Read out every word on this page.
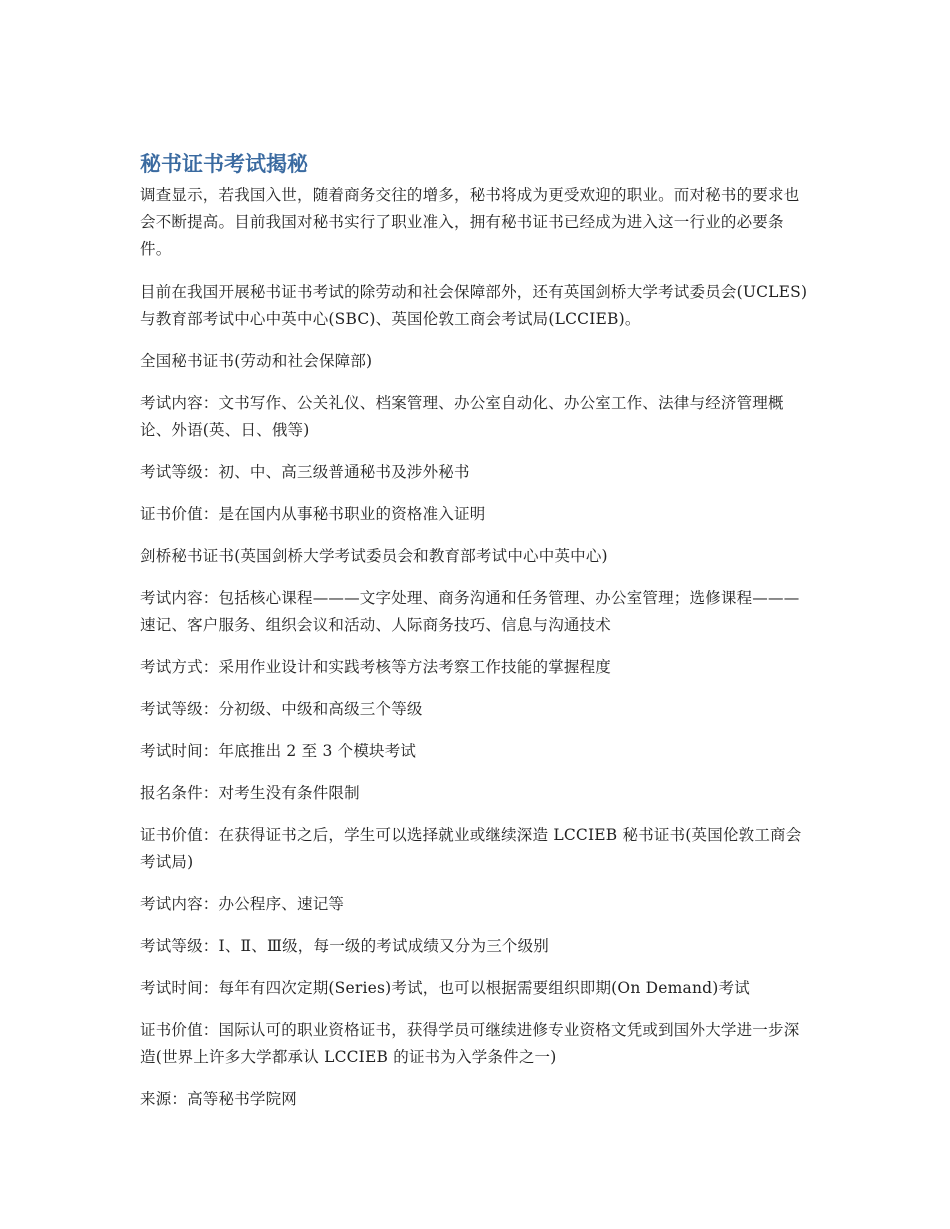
秘书证书考试揭秘

调查显示，若我国入世，随着商务交往的增多，秘书将成为更受欢迎的职业。而对秘书的要求也会不断提高。目前我国对秘书实行了职业准入，拥有秘书证书已经成为进入这一行业的必要条件。

目前在我国开展秘书证书考试的除劳动和社会保障部外，还有英国剑桥大学考试委员会(UCLES)与教育部考试中心中英中心(SBC)、英国伦敦工商会考试局(LCCIEB)。

全国秘书证书(劳动和社会保障部)

考试内容：文书写作、公关礼仪、档案管理、办公室自动化、办公室工作、法律与经济管理概论、外语(英、日、俄等)

考试等级：初、中、高三级普通秘书及涉外秘书

证书价值：是在国内从事秘书职业的资格准入证明

剑桥秘书证书(英国剑桥大学考试委员会和教育部考试中心中英中心)

考试内容：包括核心课程———文字处理、商务沟通和任务管理、办公室管理；选修课程———速记、客户服务、组织会议和活动、人际商务技巧、信息与沟通技术

考试方式：采用作业设计和实践考核等方法考察工作技能的掌握程度

考试等级：分初级、中级和高级三个等级

考试时间：年底推出 2 至 3 个模块考试

报名条件：对考生没有条件限制

证书价值：在获得证书之后，学生可以选择就业或继续深造 LCCIEB 秘书证书(英国伦敦工商会考试局)

考试内容：办公程序、速记等

考试等级：Ⅰ、Ⅱ、Ⅲ级，每一级的考试成绩又分为三个级别

考试时间：每年有四次定期(Series)考试，也可以根据需要组织即期(On Demand)考试

证书价值：国际认可的职业资格证书，获得学员可继续进修专业资格文凭或到国外大学进一步深造(世界上许多大学都承认 LCCIEB 的证书为入学条件之一)

来源：高等秘书学院网
